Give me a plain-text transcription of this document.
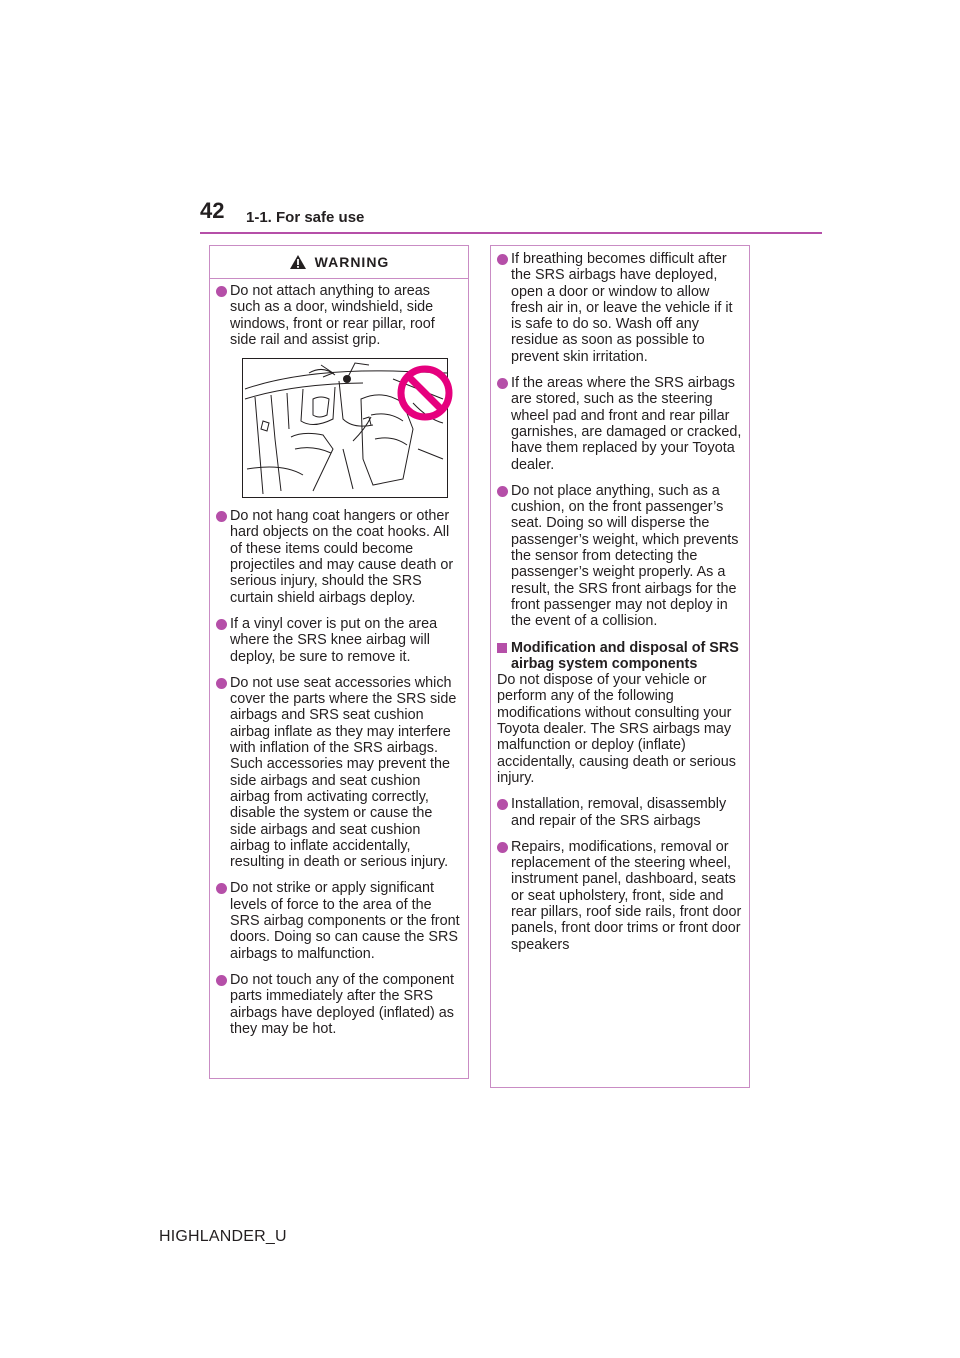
42 1-1. For safe use
WARNING
Do not attach anything to areas such as a door, windshield, side windows, front or rear pillar, roof side rail and assist grip.
Do not hang coat hangers or other hard objects on the coat hooks. All of these items could become projectiles and may cause death or serious injury, should the SRS curtain shield airbags deploy.
If a vinyl cover is put on the area where the SRS knee airbag will deploy, be sure to remove it.
Do not use seat accessories which cover the parts where the SRS side airbags and SRS seat cushion airbag inflate as they may interfere with inflation of the SRS airbags. Such accessories may prevent the side airbags and seat cushion airbag from activating correctly, disable the system or cause the side airbags and seat cushion airbag to inflate accidentally, resulting in death or serious injury.
Do not strike or apply significant levels of force to the area of the SRS airbag components or the front doors. Doing so can cause the SRS airbags to malfunction.
Do not touch any of the component parts immediately after the SRS airbags have deployed (inflated) as they may be hot.
If breathing becomes difficult after the SRS airbags have deployed, open a door or window to allow fresh air in, or leave the vehicle if it is safe to do so. Wash off any residue as soon as possible to prevent skin irritation.
If the areas where the SRS airbags are stored, such as the steering wheel pad and front and rear pillar garnishes, are damaged or cracked, have them replaced by your Toyota dealer.
Do not place anything, such as a cushion, on the front passenger’s seat. Doing so will disperse the passenger’s weight, which prevents the sensor from detecting the passenger’s weight properly. As a result, the SRS front airbags for the front passenger may not deploy in the event of a collision.
Modification and disposal of SRS airbag system components

Do not dispose of your vehicle or perform any of the following modifications without consulting your Toyota dealer. The SRS airbags may malfunction or deploy (inflate) accidentally, causing death or serious injury.

Installation, removal, disassembly and repair of the SRS airbags
Repairs, modifications, removal or replacement of the steering wheel, instrument panel, dashboard, seats or seat upholstery, front, side and rear pillars, roof side rails, front door panels, front door trims or front door speakers
HIGHLANDER_U
